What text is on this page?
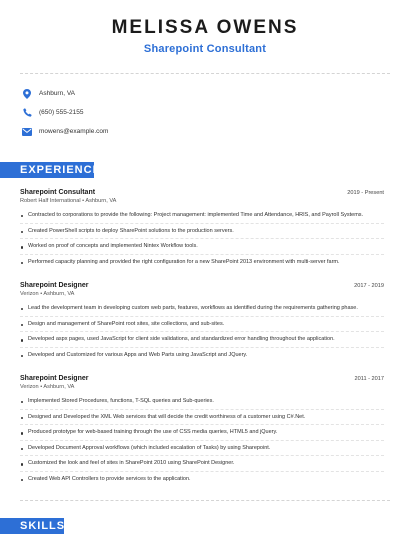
MELISSA OWENS
Sharepoint Consultant
Ashburn, VA
(650) 555-2155
mowens@example.com
EXPERIENCE
Sharepoint Consultant	2019 - Present
Robert Half International • Ashburn, VA
Contracted to corporations to provide the following: Project management: implemented Time and Attendance, HRIS, and Payroll Systems.
Created PowerShell scripts to deploy SharePoint solutions to the production servers.
Worked on proof of concepts and implemented Nintex Workflow tools.
Performed capacity planning and provided the right configuration for a new SharePoint 2013 environment with multi-server farm.
Sharepoint Designer	2017 - 2019
Verizon • Ashburn, VA
Lead the development team in developing custom web parts, features, workflows as identified during the requirements gathering phase.
Design and management of SharePoint root sites, site collections, and sub-sites.
Developed aspx pages, used JavaScript for client side validations, and standardized error handling throughout the application.
Developed and Customized for various Apps and Web Parts using JavaScript and JQuery.
Sharepoint Designer	2011 - 2017
Verizon • Ashburn, VA
Implemented Stored Procedures, functions, T-SQL queries and Sub-queries.
Designed and Developed the XML Web services that will decide the credit worthiness of a customer using C#.Net.
Produced prototype for web-based training through the use of CSS media queries, HTML5 and jQuery.
Developed Document Approval workflows (which included escalation of Tasks) by using Sharepoint.
Customized the look and feel of sites in SharePoint 2010 using SharePoint Designer.
Created Web API Controllers to provide services to the application.
SKILLS
